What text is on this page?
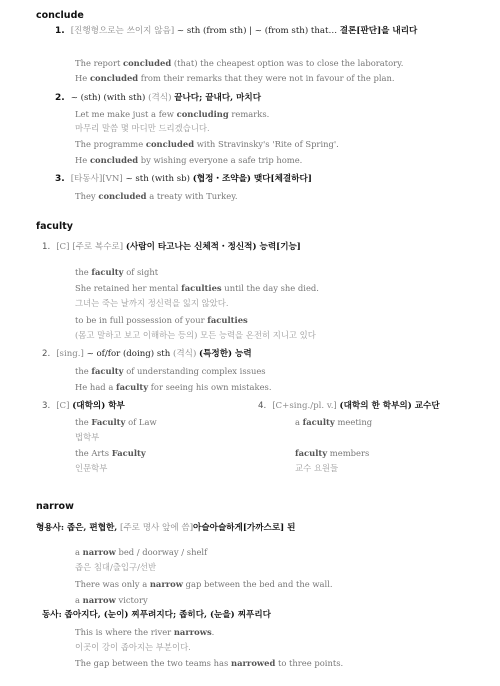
conclude
1. [진행형으로는 쓰이지 않음] ~ sth (from sth) | ~ (from sth) that… 결론[판단]을 내리다
The report concluded (that) the cheapest option was to close the laboratory.
He concluded from their remarks that they were not in favour of the plan.
2. ~ (sth) (with sth) (격식) 끝나다; 끝내다, 마치다
Let me make just a few concluding remarks.
마무리 말씀 몇 마디만 드리겠습니다.
The programme concluded with Stravinsky's 'Rite of Spring'.
He concluded by wishing everyone a safe trip home.
3. [타동사][VN] ~ sth (with sb) (협정・조약을) 맺다[체결하다]
They concluded a treaty with Turkey.
faculty
1. [C] [주로 복수로] (사람이 타고나는 신체적・정신적) 능력[기능]
the faculty of sight
She retained her mental faculties until the day she died.
그녀는 죽는 날까지 정신력을 잃지 않았다.
to be in full possession of your faculties
(몸고 말하고 보고 이해하는 등의) 모든 능력을 온전히 지니고 있다
2. [sing.] ~ of/for (doing) sth (격식) (특정한) 능력
the faculty of understanding complex issues
He had a faculty for seeing his own mistakes.
3. [C] (대학의) 학부
the Faculty of Law
법학부
the Arts Faculty
인문학부
4. [C+sing./pl. v.] (대학의 한 학부의) 교수단
a faculty meeting
faculty members
교수 요원들
narrow
형용사: 좁은, 편협한, [주로 명사 앞에 씀]아슬아슬하게[가까스로] 된
a narrow bed / doorway / shelf
좁은 침대/출입구/선반
There was only a narrow gap between the bed and the wall.
a narrow victory
동사: 좁아지다, (눈이) 찌푸려지다; 좁히다, (눈을) 찌푸리다
This is where the river narrows.
이곳이 강이 좁아지는 부분이다.
The gap between the two teams has narrowed to three points.
